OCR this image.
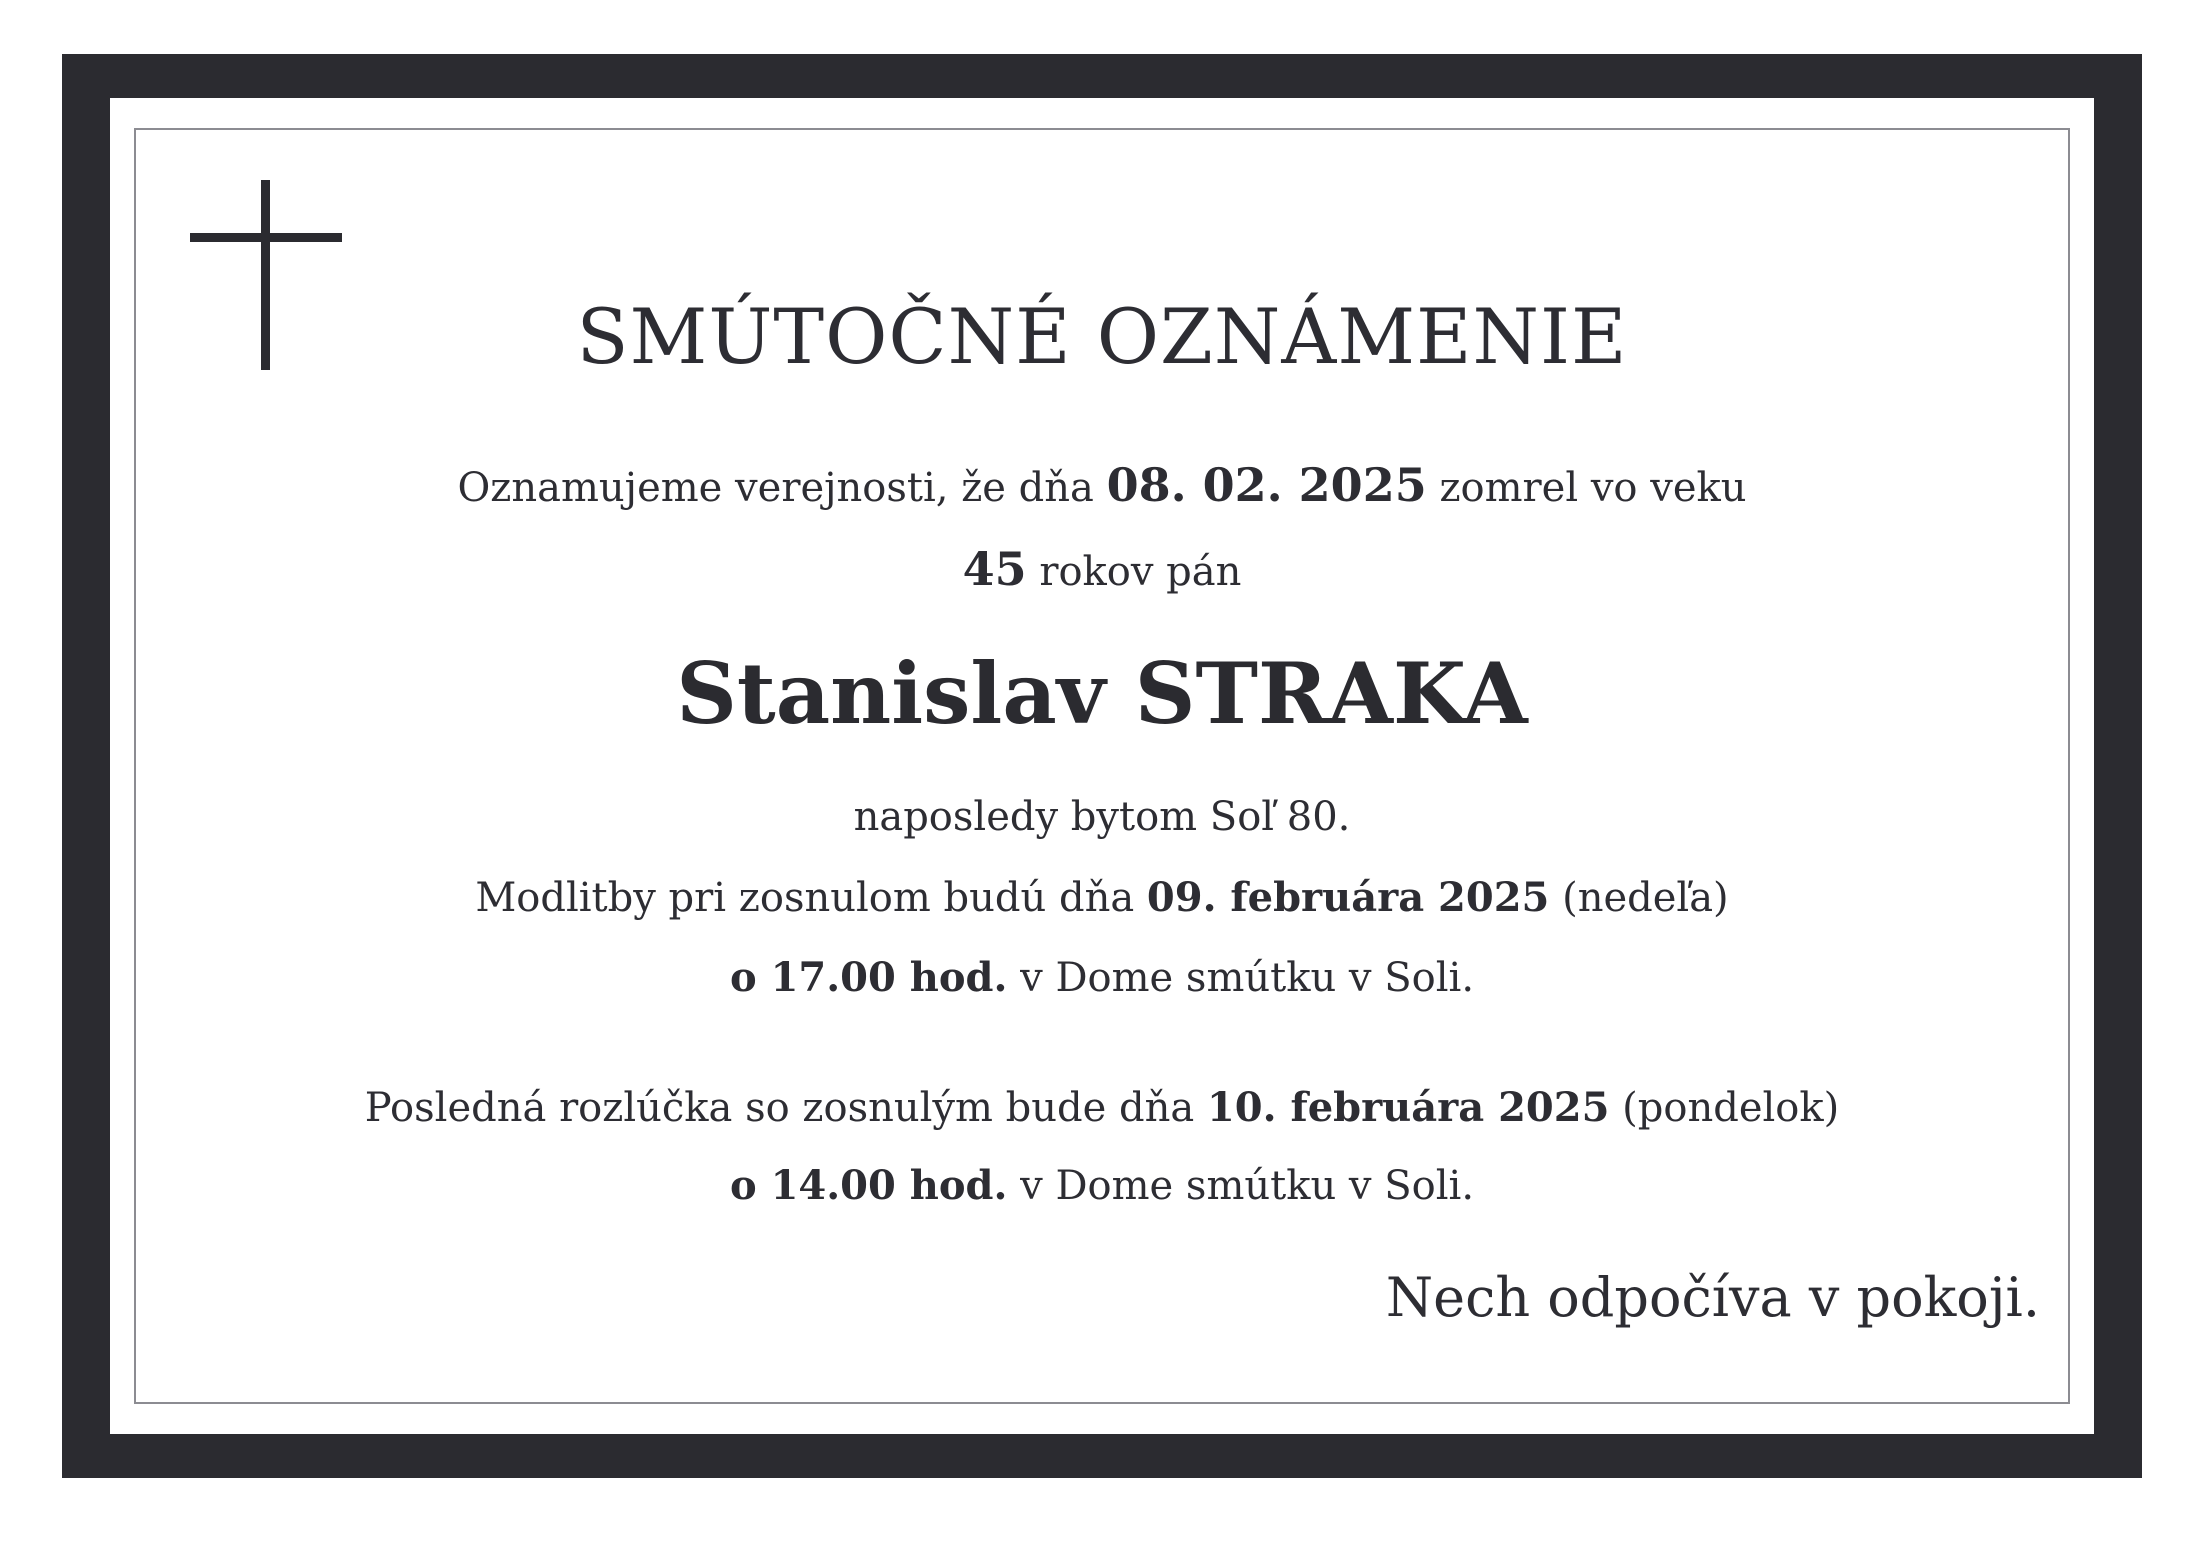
SMÚTOČNÉ OZNÁMENIE
Oznamujeme verejnosti, že dňa 08. 02. 2025 zomrel vo veku
45 rokov pán
Stanislav STRAKA
naposledy bytom Soľ 80.
Modlitby pri zosnulom budú dňa 09. februára 2025 (nedeľa)
o 17.00 hod. v Dome smútku v Soli.
Posledná rozlúčka so zosnulým bude dňa 10. februára 2025 (pondelok)
o 14.00 hod. v Dome smútku v Soli.
Nech odpočíva v pokoji.
